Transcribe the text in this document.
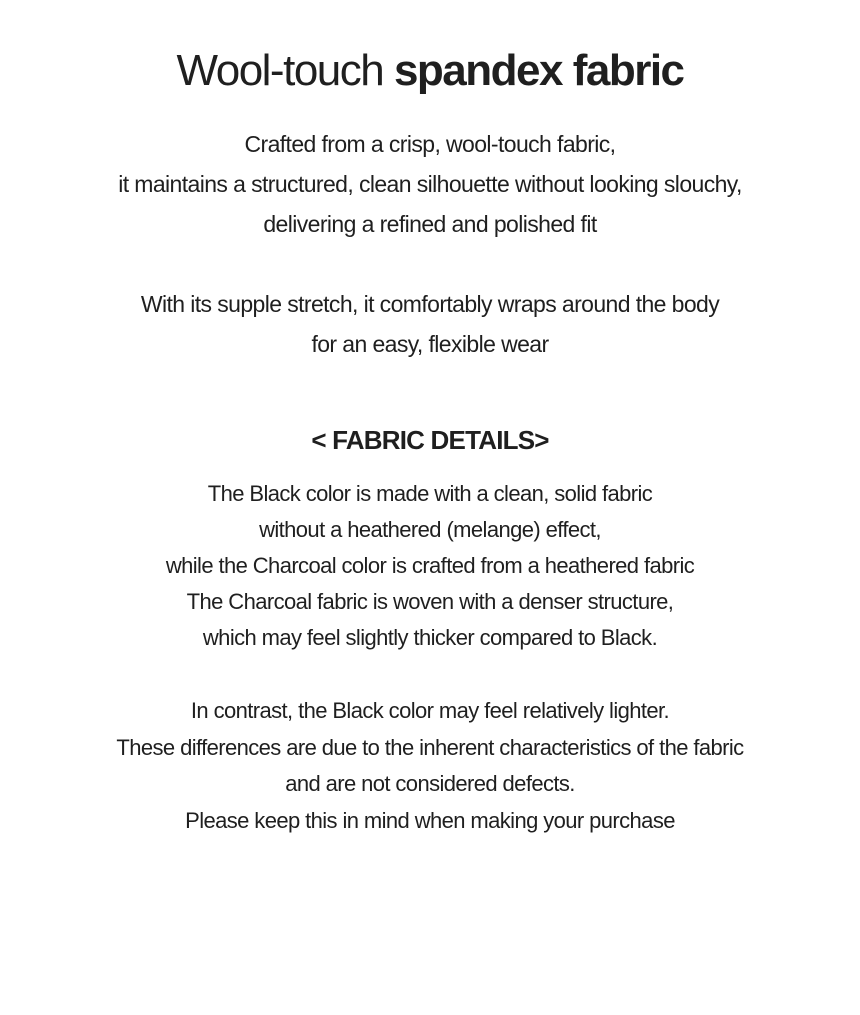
Wool-touch spandex fabric
Crafted from a crisp, wool-touch fabric,
it maintains a structured, clean silhouette without looking slouchy,
delivering a refined and polished fit
With its supple stretch, it comfortably wraps around the body
for an easy, flexible wear
< FABRIC DETAILS>
The Black color is made with a clean, solid fabric
without a heathered (melange) effect,
while the Charcoal color is crafted from a heathered fabric
The Charcoal fabric is woven with a denser structure,
which may feel slightly thicker compared to Black.
In contrast, the Black color may feel relatively lighter.
These differences are due to the inherent characteristics of the fabric
and are not considered defects.
Please keep this in mind when making your purchase
